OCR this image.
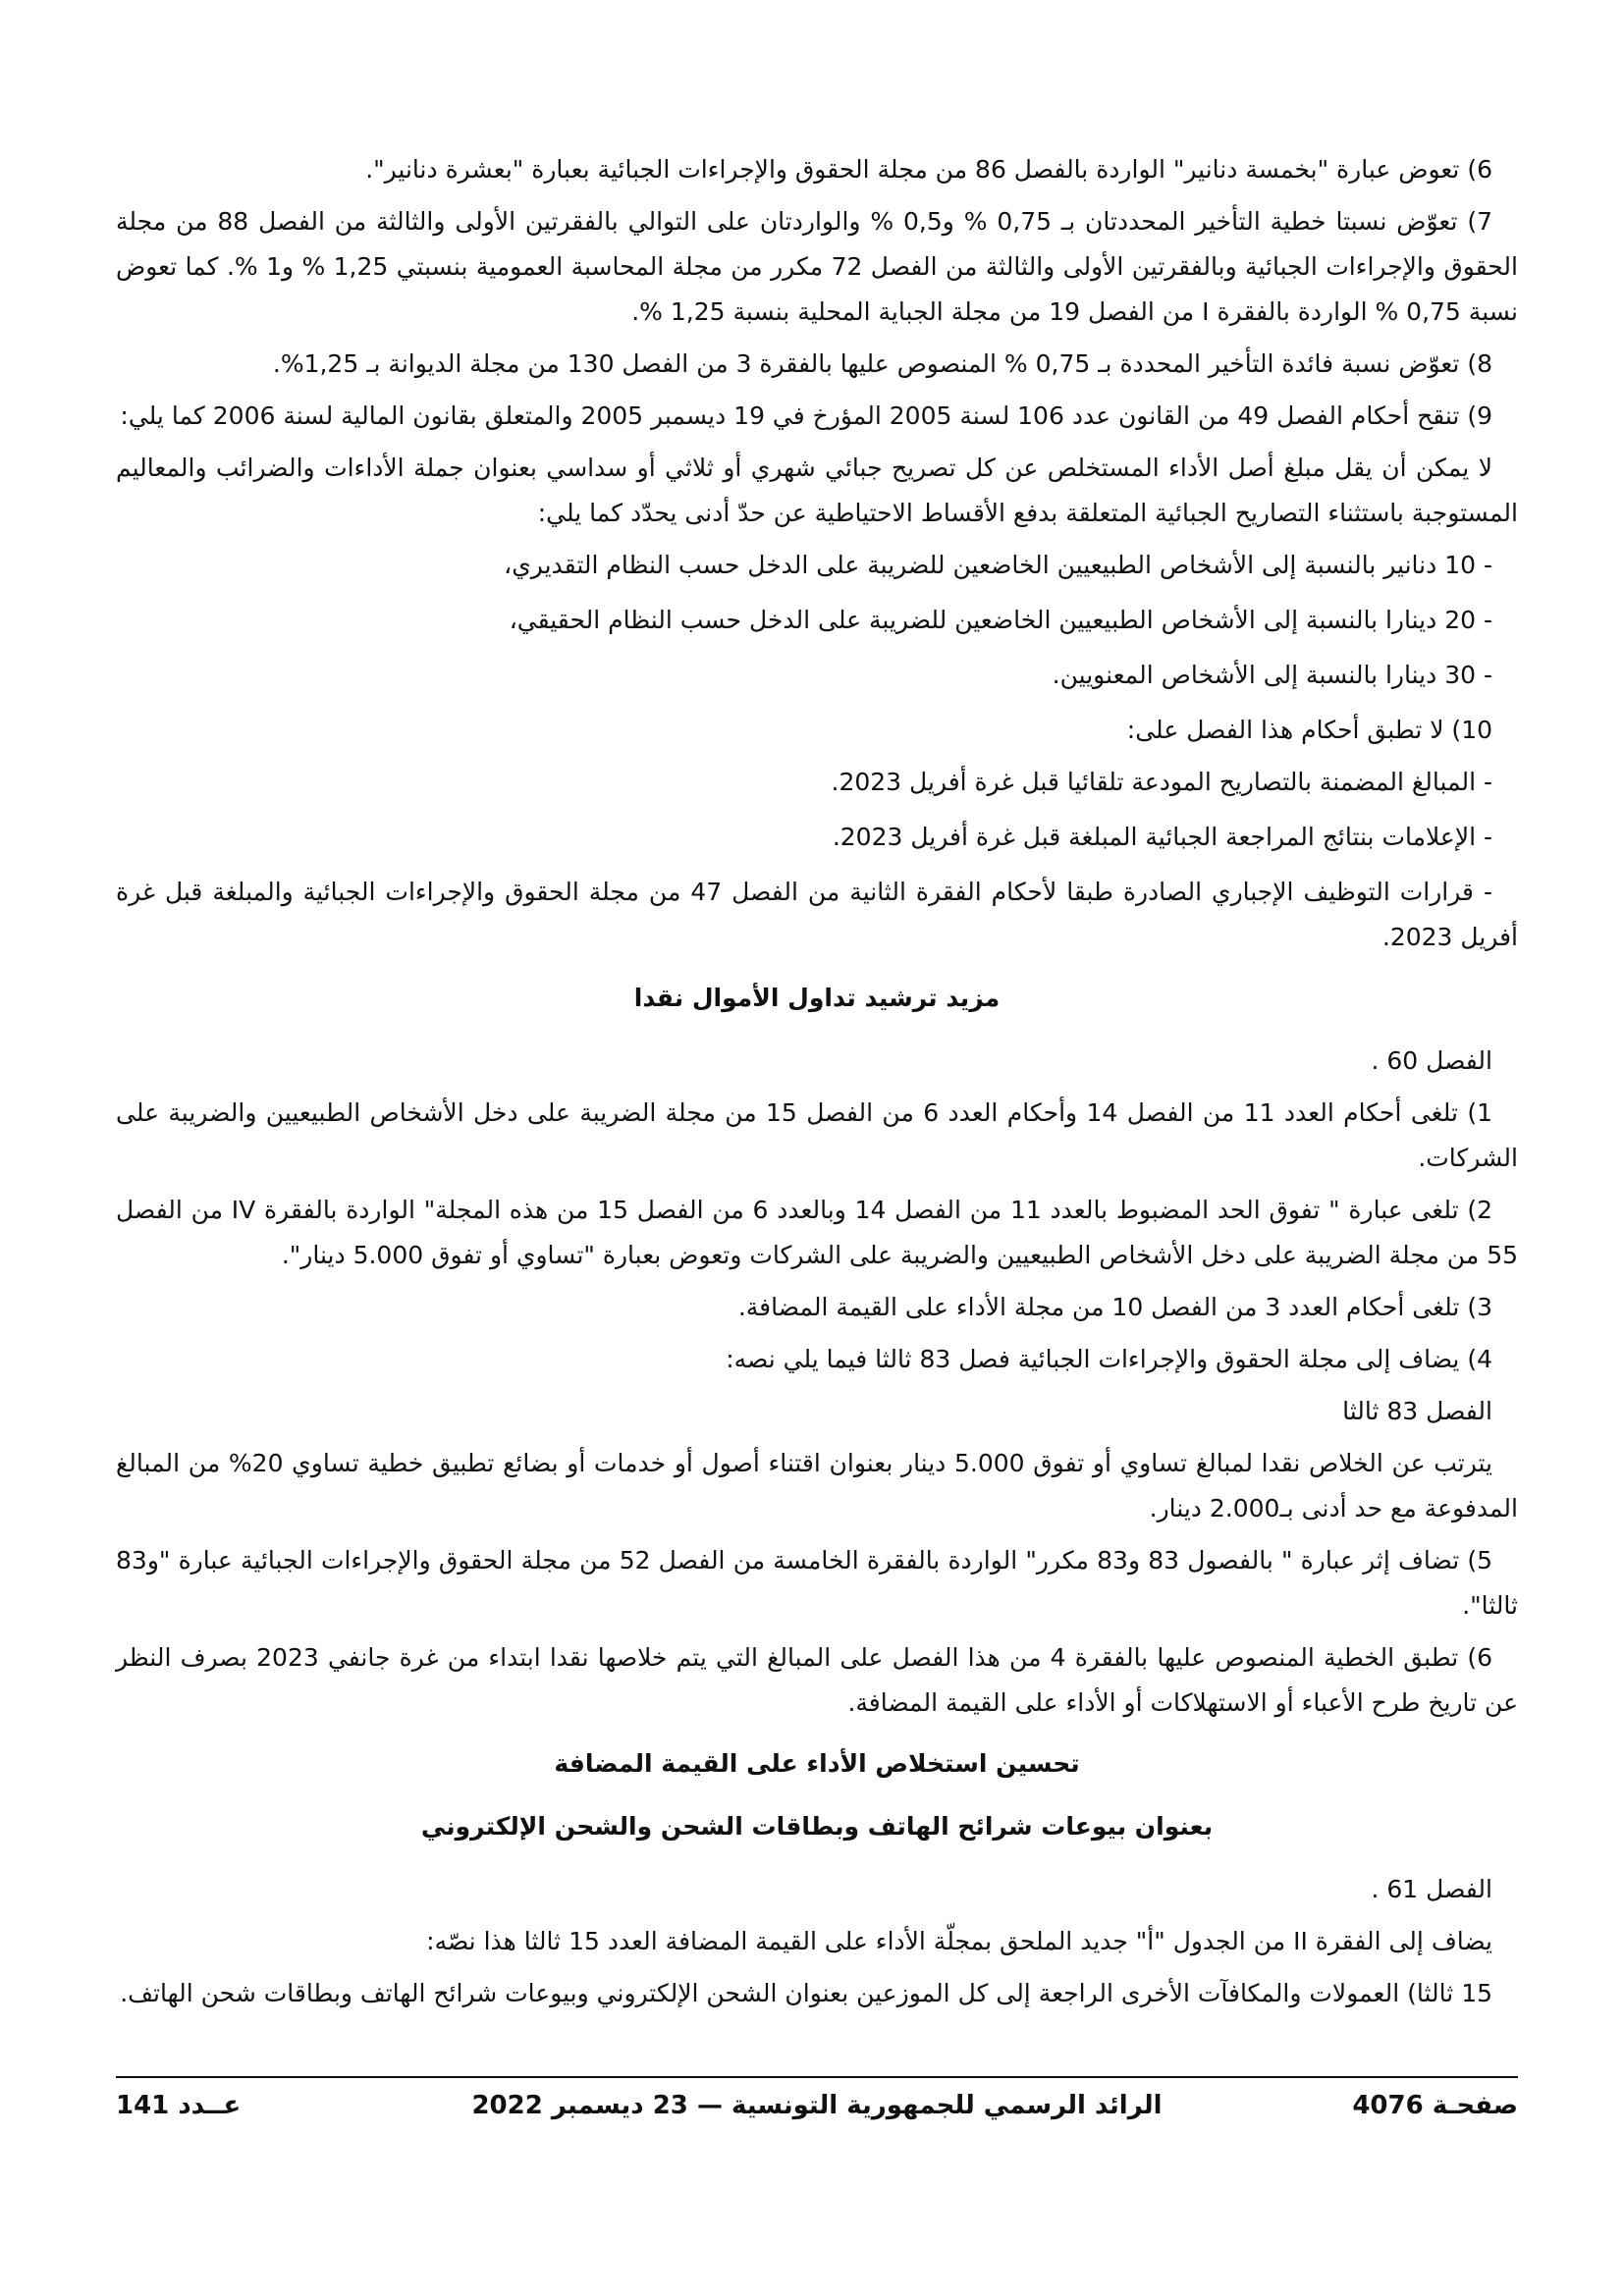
6) تعوض عبارة "بخمسة دنانير" الواردة بالفصل 86 من مجلة الحقوق والإجراءات الجبائية بعبارة "بعشرة دنانير".

7) تعوّض نسبتا خطية التأخير المحددتان بـ 0,75 % و0,5 % والواردتان على التوالي بالفقرتين الأولى والثالثة من الفصل 88 من مجلة الحقوق والإجراءات الجبائية وبالفقرتين الأولى والثالثة من الفصل 72 مكرر من مجلة المحاسبة العمومية بنسبتي 1,25 % و1 %. كما تعوض نسبة 0,75 % الواردة بالفقرة I من الفصل 19 من مجلة الجباية المحلية بنسبة 1,25 %.

8) تعوّض نسبة فائدة التأخير المحددة بـ 0,75 % المنصوص عليها بالفقرة 3 من الفصل 130 من مجلة الديوانة بـ 1,25%.

9) تنقح أحكام الفصل 49 من القانون عدد 106 لسنة 2005 المؤرخ في 19 ديسمبر 2005 والمتعلق بقانون المالية لسنة 2006 كما يلي:

لا يمكن أن يقل مبلغ أصل الأداء المستخلص عن كل تصريح جبائي شهري أو ثلاثي أو سداسي بعنوان جملة الأداءات والضرائب والمعاليم المستوجبة باستثناء التصاريح الجبائية المتعلقة بدفع الأقساط الاحتياطية عن حدّ أدنى يحدّد كما يلي:

- 10 دنانير بالنسبة إلى الأشخاص الطبيعيين الخاضعين للضريبة على الدخل حسب النظام التقديري،

- 20 دينارا بالنسبة إلى الأشخاص الطبيعيين الخاضعين للضريبة على الدخل حسب النظام الحقيقي،

- 30 دينارا بالنسبة إلى الأشخاص المعنويين.

10) لا تطبق أحكام هذا الفصل على:

- المبالغ المضمنة بالتصاريح المودعة تلقائيا قبل غرة أفريل 2023.

- الإعلامات بنتائج المراجعة الجبائية المبلغة قبل غرة أفريل 2023.

- قرارات التوظيف الإجباري الصادرة طبقا لأحكام الفقرة الثانية من الفصل 47 من مجلة الحقوق والإجراءات الجبائية والمبلغة قبل غرة أفريل 2023.

مزيد ترشيد تداول الأموال نقدا

الفصل 60 .

1) تلغى أحكام العدد 11 من الفصل 14 وأحكام العدد 6 من الفصل 15 من مجلة الضريبة على دخل الأشخاص الطبيعيين والضريبة على الشركات.

2) تلغى عبارة " تفوق الحد المضبوط بالعدد 11 من الفصل 14 وبالعدد 6 من الفصل 15 من هذه المجلة" الواردة بالفقرة IV من الفصل 55 من مجلة الضريبة على دخل الأشخاص الطبيعيين والضريبة على الشركات وتعوض بعبارة "تساوي أو تفوق 5.000 دينار".

3) تلغى أحكام العدد 3 من الفصل 10 من مجلة الأداء على القيمة المضافة.

4) يضاف إلى مجلة الحقوق والإجراءات الجبائية فصل 83 ثالثا فيما يلي نصه:

الفصل 83 ثالثا

يترتب عن الخلاص نقدا لمبالغ تساوي أو تفوق 5.000 دينار بعنوان اقتناء أصول أو خدمات أو بضائع تطبيق خطية تساوي 20% من المبالغ المدفوعة مع حد أدنى بـ2.000 دينار.

5) تضاف إثر عبارة " بالفصول 83 و83 مكرر" الواردة بالفقرة الخامسة من الفصل 52 من مجلة الحقوق والإجراءات الجبائية عبارة "و83 ثالثا".

6) تطبق الخطية المنصوص عليها بالفقرة 4 من هذا الفصل على المبالغ التي يتم خلاصها نقدا ابتداء من غرة جانفي 2023 بصرف النظر عن تاريخ طرح الأعباء أو الاستهلاكات أو الأداء على القيمة المضافة.

تحسين استخلاص الأداء على القيمة المضافة

بعنوان بيوعات شرائح الهاتف وبطاقات الشحن والشحن الإلكتروني

الفصل 61 .

يضاف إلى الفقرة II من الجدول "أ" جديد الملحق بمجلّة الأداء على القيمة المضافة العدد 15 ثالثا هذا نصّه:

15 ثالثا) العمولات والمكافآت الأخرى الراجعة إلى كل الموزعين بعنوان الشحن الإلكتروني وبيوعات شرائح الهاتف وبطاقات شحن الهاتف.

صفحـة 4076
الرائد الرسمي للجمهورية التونسية — 23 ديسمبر 2022
عــدد 141
